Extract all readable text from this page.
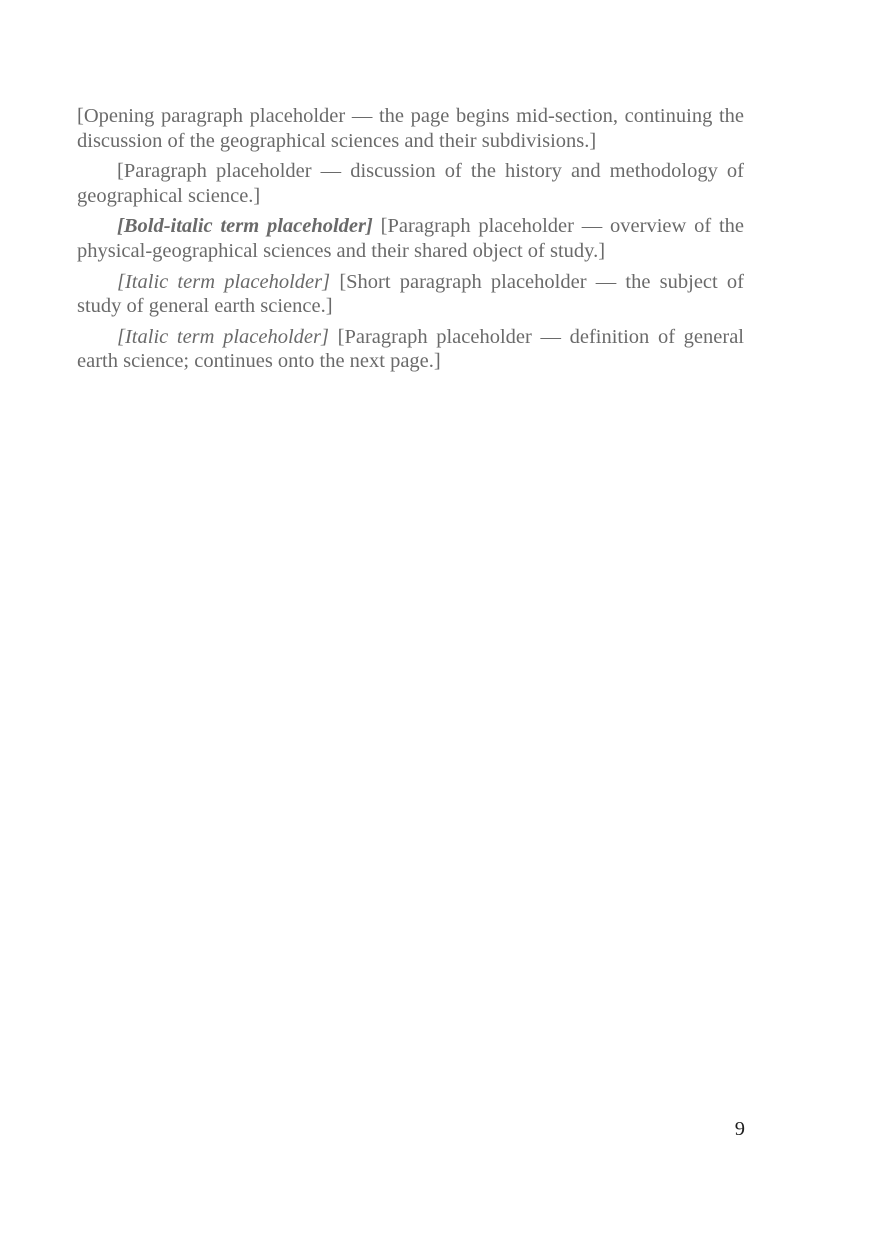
[Opening paragraph placeholder — the page begins mid-section, continuing the discussion of the geographical sciences and their subdivisions.]

[Paragraph placeholder — discussion of the history and methodology of geographical science.]

[Bold-italic term placeholder] [Paragraph placeholder — overview of the physical-geographical sciences and their shared object of study.]

[Italic term placeholder] [Short paragraph placeholder — the subject of study of general earth science.]

[Italic term placeholder] [Paragraph placeholder — definition of general earth science; continues onto the next page.]

9
